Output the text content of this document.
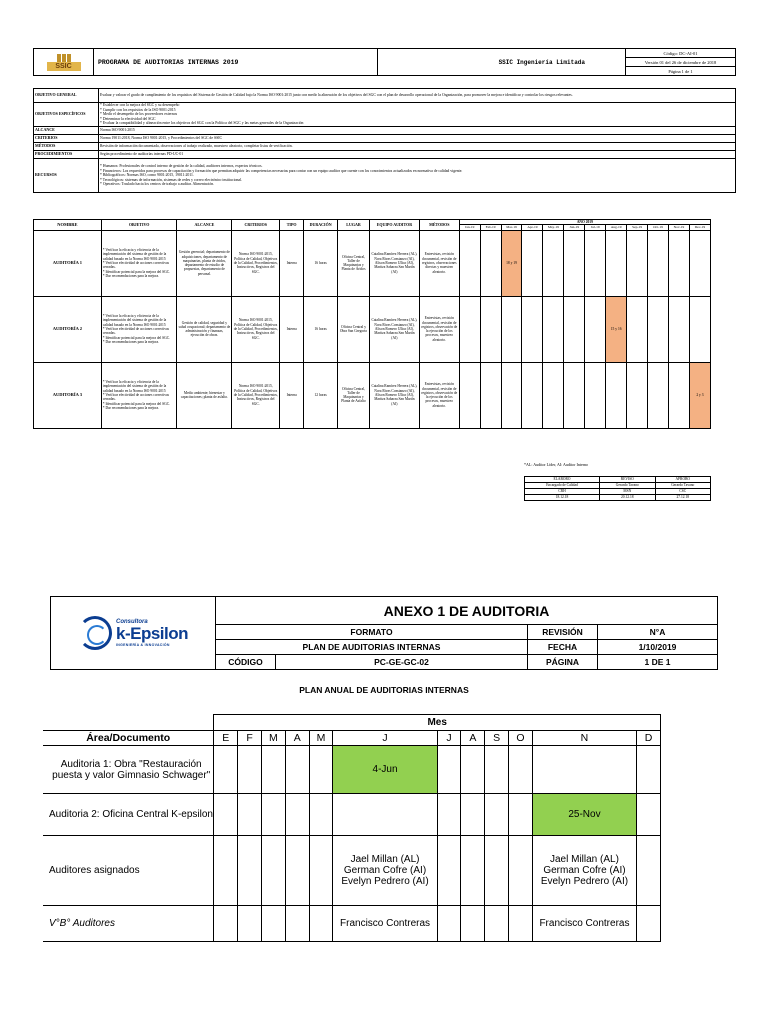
SSIC
	PROGRAMA DE AUDITORIAS INTERNAS 2019	SSIC Ingeniería Limitada	Código: DC-AI-01
Versión 01 del 26 de diciembre de 2018
Página 1 de 1
OBJETIVO GENERAL	Evaluar y valorar el grado de cumplimiento de los requisitos del Sistema de Gestión de Calidad bajo la Norma ISO 9001:2015 junto con medir la alineación de los objetivos del SGC con el plan de desarrollo operacional de la Organización, para promover la mejora e identificar y controlar los riesgos relevantes.
OBJETIVOS ESPECÍFICOS	* Establecer con la mejora del SGC y su desempeño
* Cumplir con los requisitos de la ISO 9001:2015
* Medir el desempeño de los proveedores externos
* Determinar la efectividad del SGC
* Evaluar la compatibilidad y alineación entre los objetivos del SGC con la Política del SGC y las metas generales de la Organización
ALCANCE	Norma ISO 9001:2015
CRITERIOS	Norma 19011:2018, Norma ISO 9001:2015, y Procedimientos del SGC de SSIC
MÉTODOS	Revisión de información documentada, observaciones al trabajo realizado, muestreo aleatorio, completar listas de verificación.
PROCEDIMIENTOS	Según procedimiento de auditorías internas PD-UC-01
RECURSOS	* Humanos: Profesionales de control interno de gestión de la calidad, auditores internos, expertos técnicos.
* Financieros: Los requeridos para procesos de capacitación y formación que permitan adquirir las competencias necesarias para contar con un equipo auditor que cuente con los conocimientos actualizados en normativa de calidad vigente.
* Bibliográficos: Normas ISO, como 9001:2015, 19011:2011.
* Tecnológicos: sistemas de información, sistemas de redes y correo electrónico institucional.
* Operativos: Traslado hacia los centros de trabajo a auditar. Alimentación.
NOMBRE	OBJETIVO	ALCANCE	CRITERIOS	TIPO	DURACIÓN	LUGAR	EQUIPO AUDITOR	MÉTODOS	AÑO 2019											
									Jan-19	Feb-19	Mar-19	Apr-19	May-19	Jun-19	Jul-19	Aug-19	Sep-19	Oct-19	Nov-19	Dec-19
AUDITORÍA 1	* Verificar la eficacia y eficiencia de la implementación del sistema de gestión de la calidad basado en la Norma ISO 9001:2015
* Verificar efectividad de acciones correctivas cerradas.
* Identificar potencial para la mejora del SGC.
* Dar recomendaciones para la mejora.	Gestión gerencial; departamento de adquisiciones, departamento de maquinarias, planta de áridos, departamento de estudio de propuestas, departamento de personal.	Norma ISO 9001:2015, Política de Calidad, Objetivos de la Calidad, Procedimientos, Instructivos, Registros del SGC.	Interna	16 horas	Oficina Central, Taller de Maquinarias y Planta de Áridos	Catalina Ramírez Herrera (AL), Nora Rivas Constanzo (AI), Alison Romero Ulloa (AI), Maritza Sabarza San Martín (AI)	Entrevistas, revisión documental, revisión de registros, observaciones directas y muestreo aleatorio.			18 y 19									
AUDITORÍA 2	* Verificar la eficacia y eficiencia de la implementación del sistema de gestión de la calidad basado en la Norma ISO 9001:2015
* Verificar efectividad de acciones correctivas cerradas.
* Identificar potencial para la mejora del SGC.
* Dar recomendaciones para la mejora.	Gestión de calidad, seguridad y salud ocupacional; departamento de administración y finanzas, ejecución de obras.	Norma ISO 9001:2015, Política de Calidad, Objetivos de la Calidad, Procedimientos, Instructivos, Registros del SGC.	Interna	16 horas	Oficina Central y Obra San Gregorio	Catalina Ramírez Herrera (AL), Nora Rivas Constanzo (AI), Alison Romero Ulloa (AI), Maritza Sabarza San Martín (AI)	Entrevistas, revisión documental, revisión de registros, observación de la ejecución de los procesos, muestreo aleatorio.								15 y 16				
AUDITORÍA 3	* Verificar la eficacia y eficiencia de la implementación del sistema de gestión de la calidad basado en la Norma ISO 9001:2015
* Verificar efectividad de acciones correctivas cerradas.
* Identificar potencial para la mejora del SGC.
* Dar recomendaciones para la mejora.	Medio ambiente; bienestar y capacitaciones; planta de asfalto.	Norma ISO 9001:2015, Política de Calidad, Objetivos de la Calidad, Procedimientos, Instructivos, Registros del SGC.	Interna	12 horas	Oficina Central, Taller de Maquinarias y Planta de Asfalto	Catalina Ramírez Herrera (AL), Nora Rivas Constanzo (AI), Alison Romero Ulloa (AI), Maritza Sabarza San Martín (AI)	Entrevistas, revisión documental, revisión de registros, observación de la ejecución de los procesos, muestreo aleatorio.												2 y 3
*AL: Auditor Líder, AI: Auditor Interno
ELABORÓ	REVISÓ	APROBÓ
Encargado de Calidad	Gerardo Tavano	Gerardo Tavano
CRH	MSN	CSC
18.12.18	20.12.18	27.12.18
Consultora
k-Epsilon
INGENIERÍA & INNOVACIÓN	ANEXO 1 DE AUDITORIA			
	FORMATO		REVISIÓN	N°A
	PLAN DE AUDITORIAS INTERNAS		FECHA	1/10/2019
	CÓDIGO	PC-GE-GC-02	PÁGINA	1 DE 1
PLAN ANUAL DE AUDITORIAS INTERNAS
	Mes											
Área/Documento	E	F	M	A	M	J	J	A	S	O	N	D
Auditoria 1: Obra "Restauración puesta y valor Gimnasio Schwager"						4-Jun						
Auditoria 2: Oficina Central K-epsilon											25-Nov	
Auditores asignados						Jael Millan (AL) German Cofre (AI) Evelyn Pedrero (AI)					Jael Millan (AL) German Cofre (AI) Evelyn Pedrero (AI)	
V°B° Auditores						Francisco Contreras					Francisco Contreras	
